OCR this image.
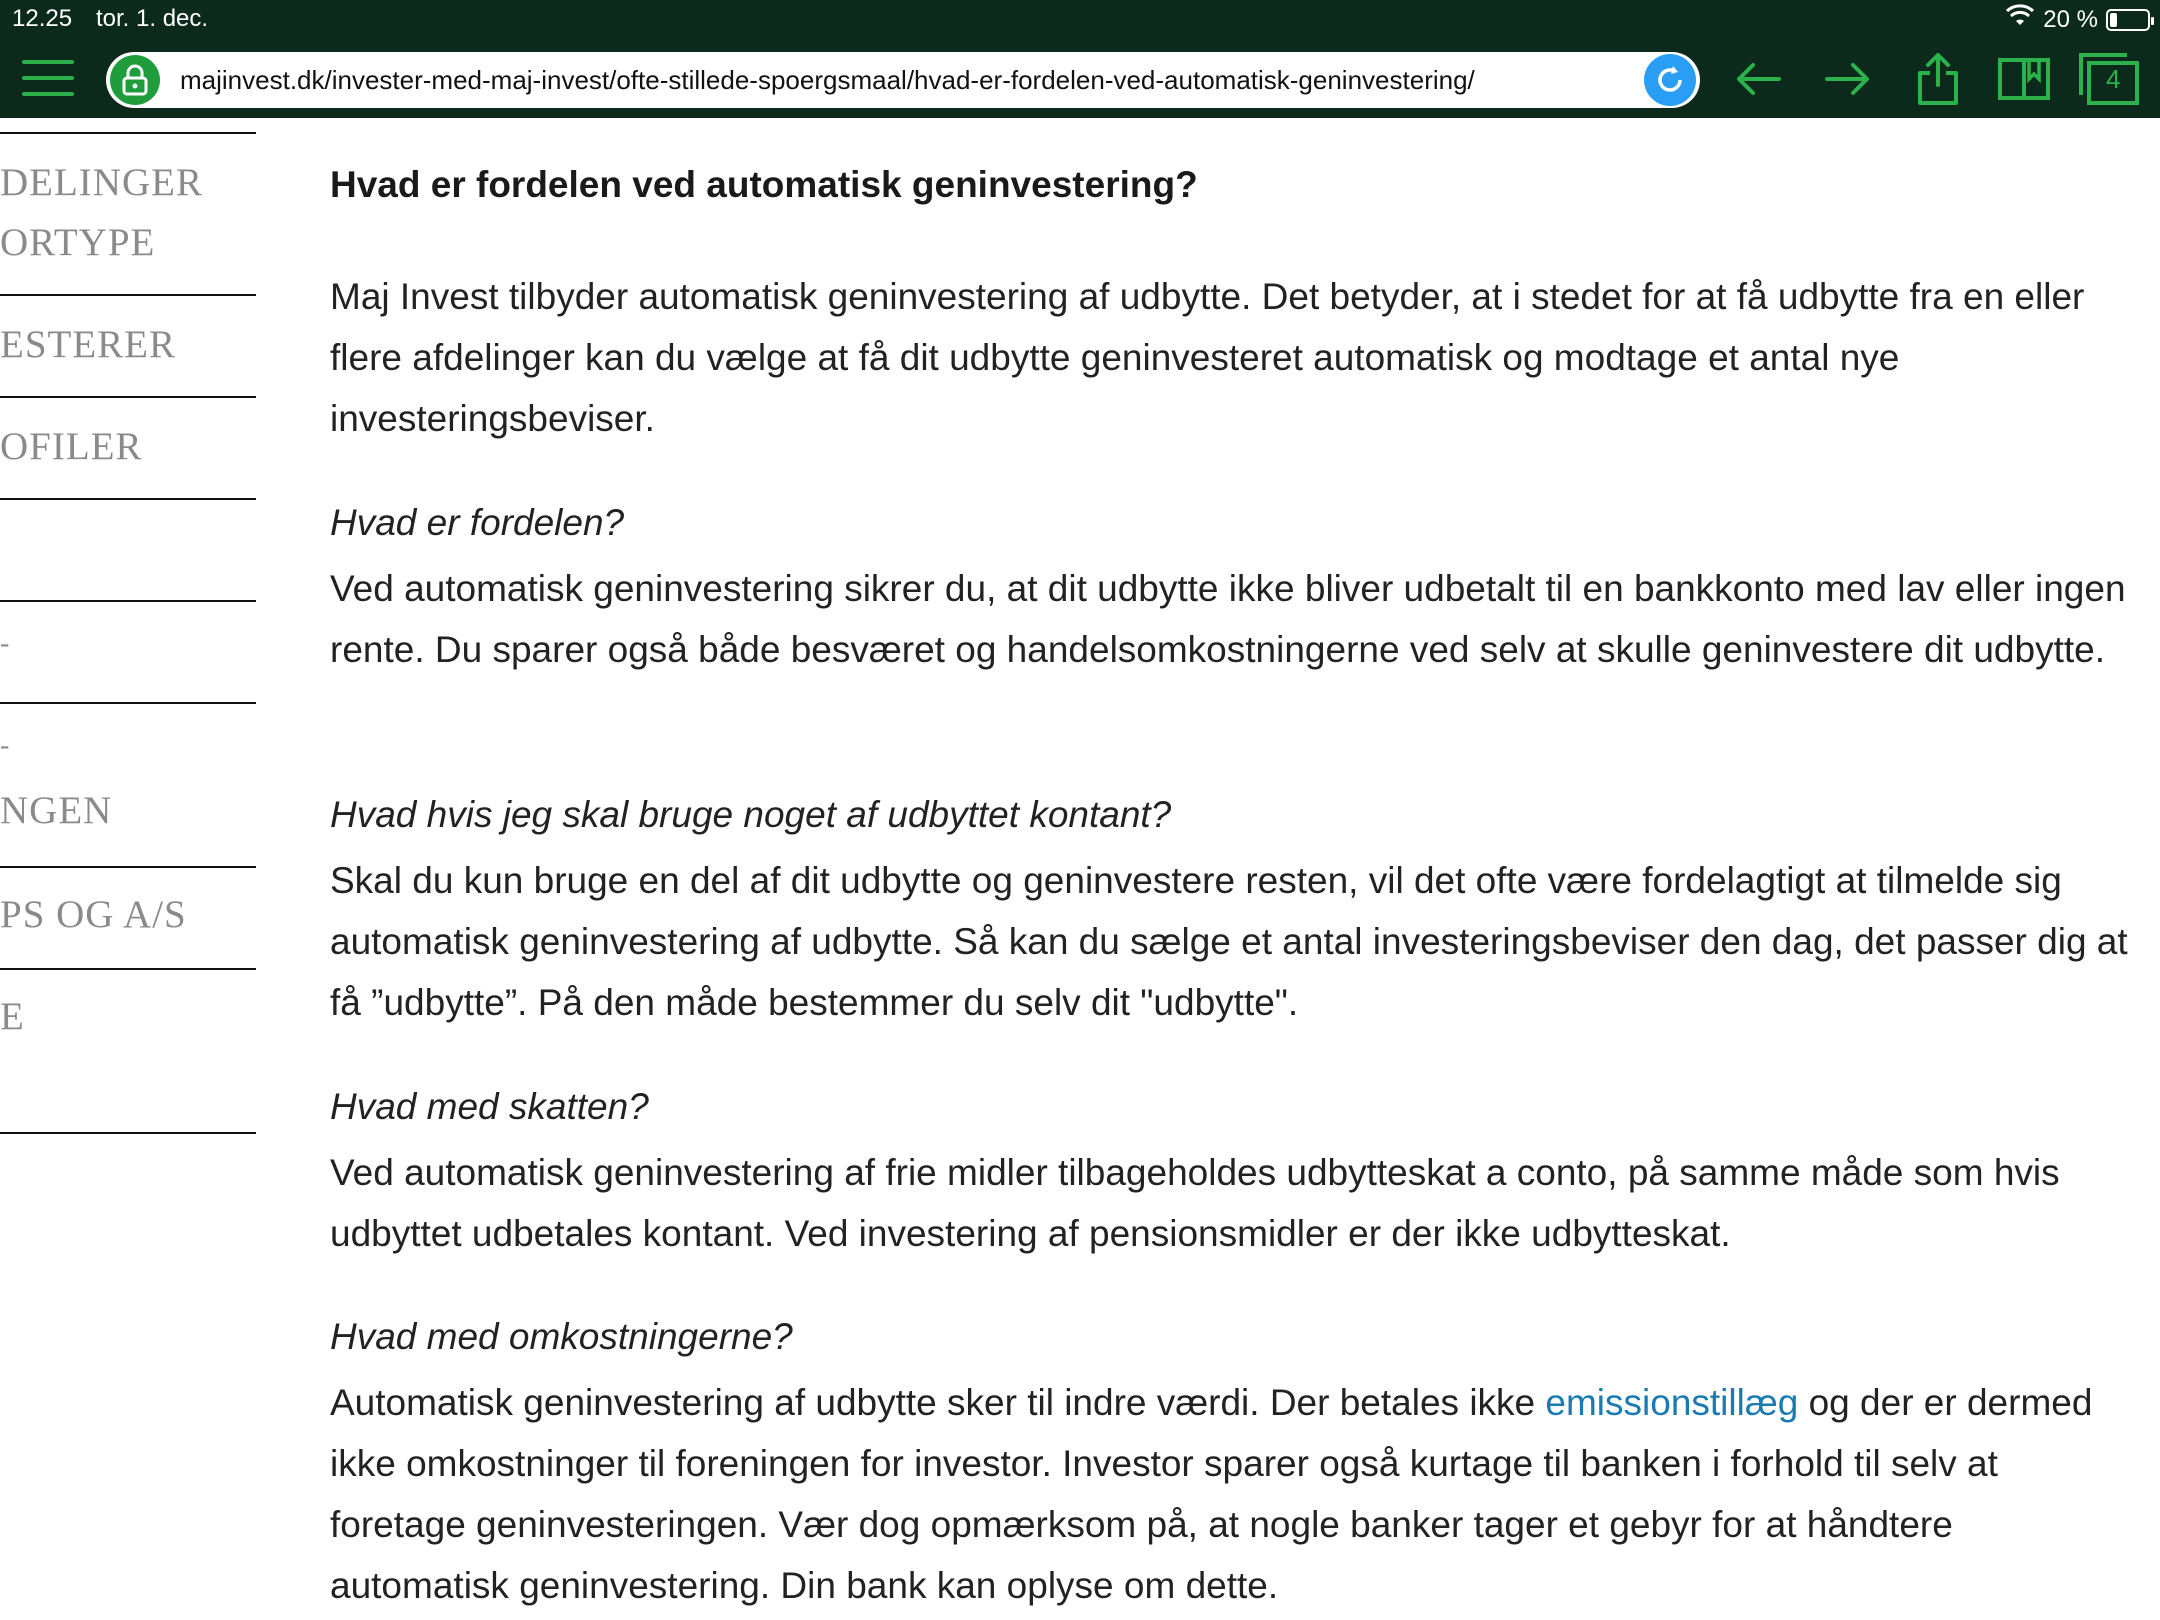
12.25 tor. 1. dec.	20 %
majinvest.dk/invester-med-maj-invest/ofte-stillede-spoergsmaal/hvad-er-fordelen-ved-automatisk-geninvestering/	4
DELINGER
ORTYPE
ESTERER
OFILER
-
-
NGEN
PS OG A/S
E
Hvad er fordelen ved automatisk geninvestering?

Maj Invest tilbyder automatisk geninvestering af udbytte. Det betyder, at i stedet for at få udbytte fra en eller flere afdelinger kan du vælge at få dit udbytte geninvesteret automatisk og modtage et antal nye investeringsbeviser.

Hvad er fordelen?

Ved automatisk geninvestering sikrer du, at dit udbytte ikke bliver udbetalt til en bankkonto med lav eller ingen rente. Du sparer også både besværet og handelsomkostningerne ved selv at skulle geninvestere dit udbytte.

Hvad hvis jeg skal bruge noget af udbyttet kontant?

Skal du kun bruge en del af dit udbytte og geninvestere resten, vil det ofte være fordelagtigt at tilmelde sig automatisk geninvestering af udbytte. Så kan du sælge et antal investeringsbeviser den dag, det passer dig at få ”udbytte”. På den måde bestemmer du selv dit "udbytte".

Hvad med skatten?

Ved automatisk geninvestering af frie midler tilbageholdes udbytteskat a conto, på samme måde som hvis udbyttet udbetales kontant. Ved investering af pensionsmidler er der ikke udbytteskat.

Hvad med omkostningerne?

Automatisk geninvestering af udbytte sker til indre værdi. Der betales ikke emissionstillæg og der er dermed ikke omkostninger til foreningen for investor. Investor sparer også kurtage til banken i forhold til selv at foretage geninvesteringen. Vær dog opmærksom på, at nogle banker tager et gebyr for at håndtere automatisk geninvestering. Din bank kan oplyse om dette.
